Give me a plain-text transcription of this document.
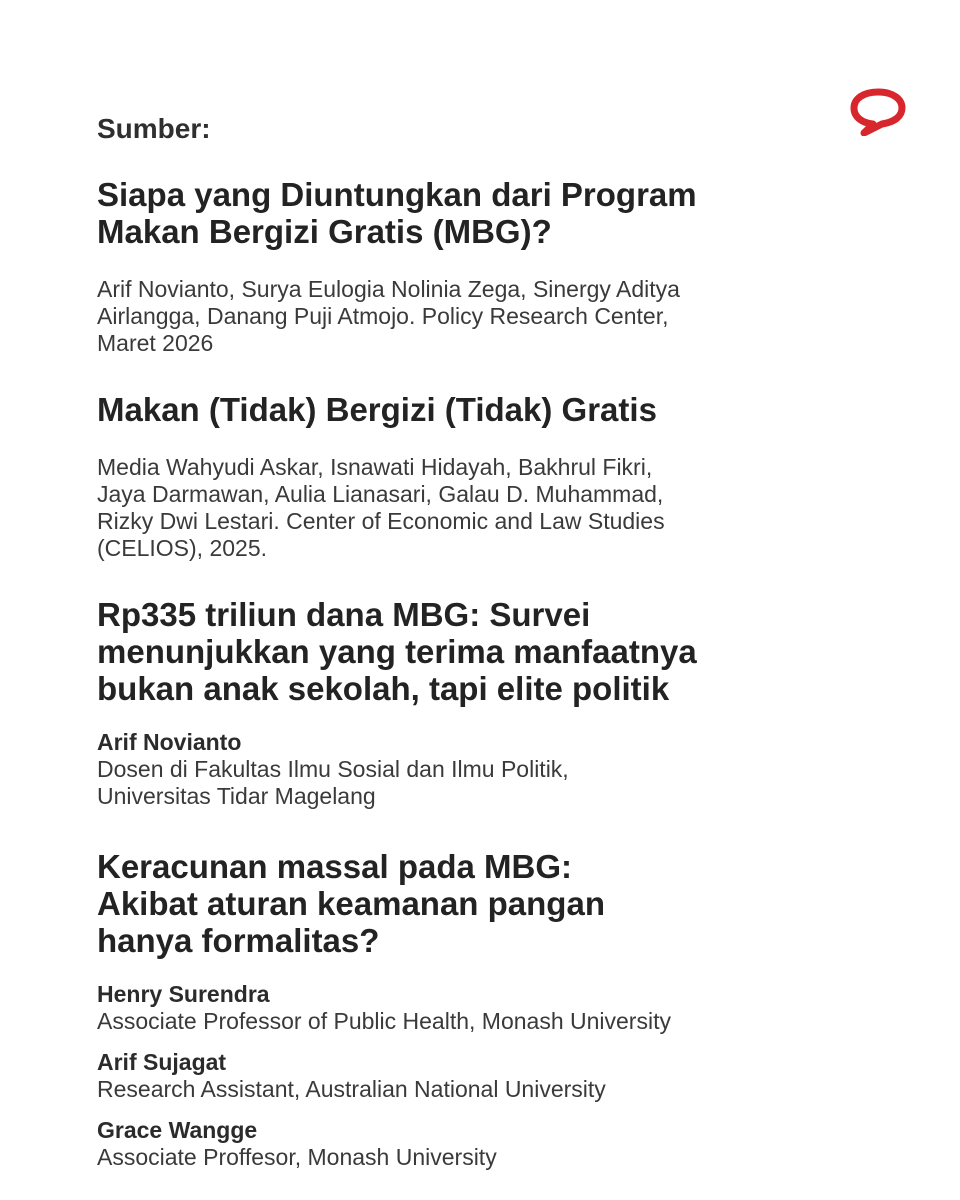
Sumber:

Siapa yang Diuntungkan dari Program
Makan Bergizi Gratis (MBG)?

Arif Novianto, Surya Eulogia Nolinia Zega, Sinergy Aditya
Airlangga, Danang Puji Atmojo. Policy Research Center,
Maret 2026

Makan (Tidak) Bergizi (Tidak) Gratis

Media Wahyudi Askar, Isnawati Hidayah, Bakhrul Fikri,
Jaya Darmawan, Aulia Lianasari, Galau D. Muhammad,
Rizky Dwi Lestari. Center of Economic and Law Studies
(CELIOS), 2025.

Rp335 triliun dana MBG: Survei
menunjukkan yang terima manfaatnya
bukan anak sekolah, tapi elite politik

Arif Novianto

Dosen di Fakultas Ilmu Sosial dan Ilmu Politik,
Universitas Tidar Magelang

Keracunan massal pada MBG:
Akibat aturan keamanan pangan
hanya formalitas?

Henry Surendra

Associate Professor of Public Health, Monash University

Arif Sujagat

Research Assistant, Australian National University

Grace Wangge

Associate Proffesor, Monash University
